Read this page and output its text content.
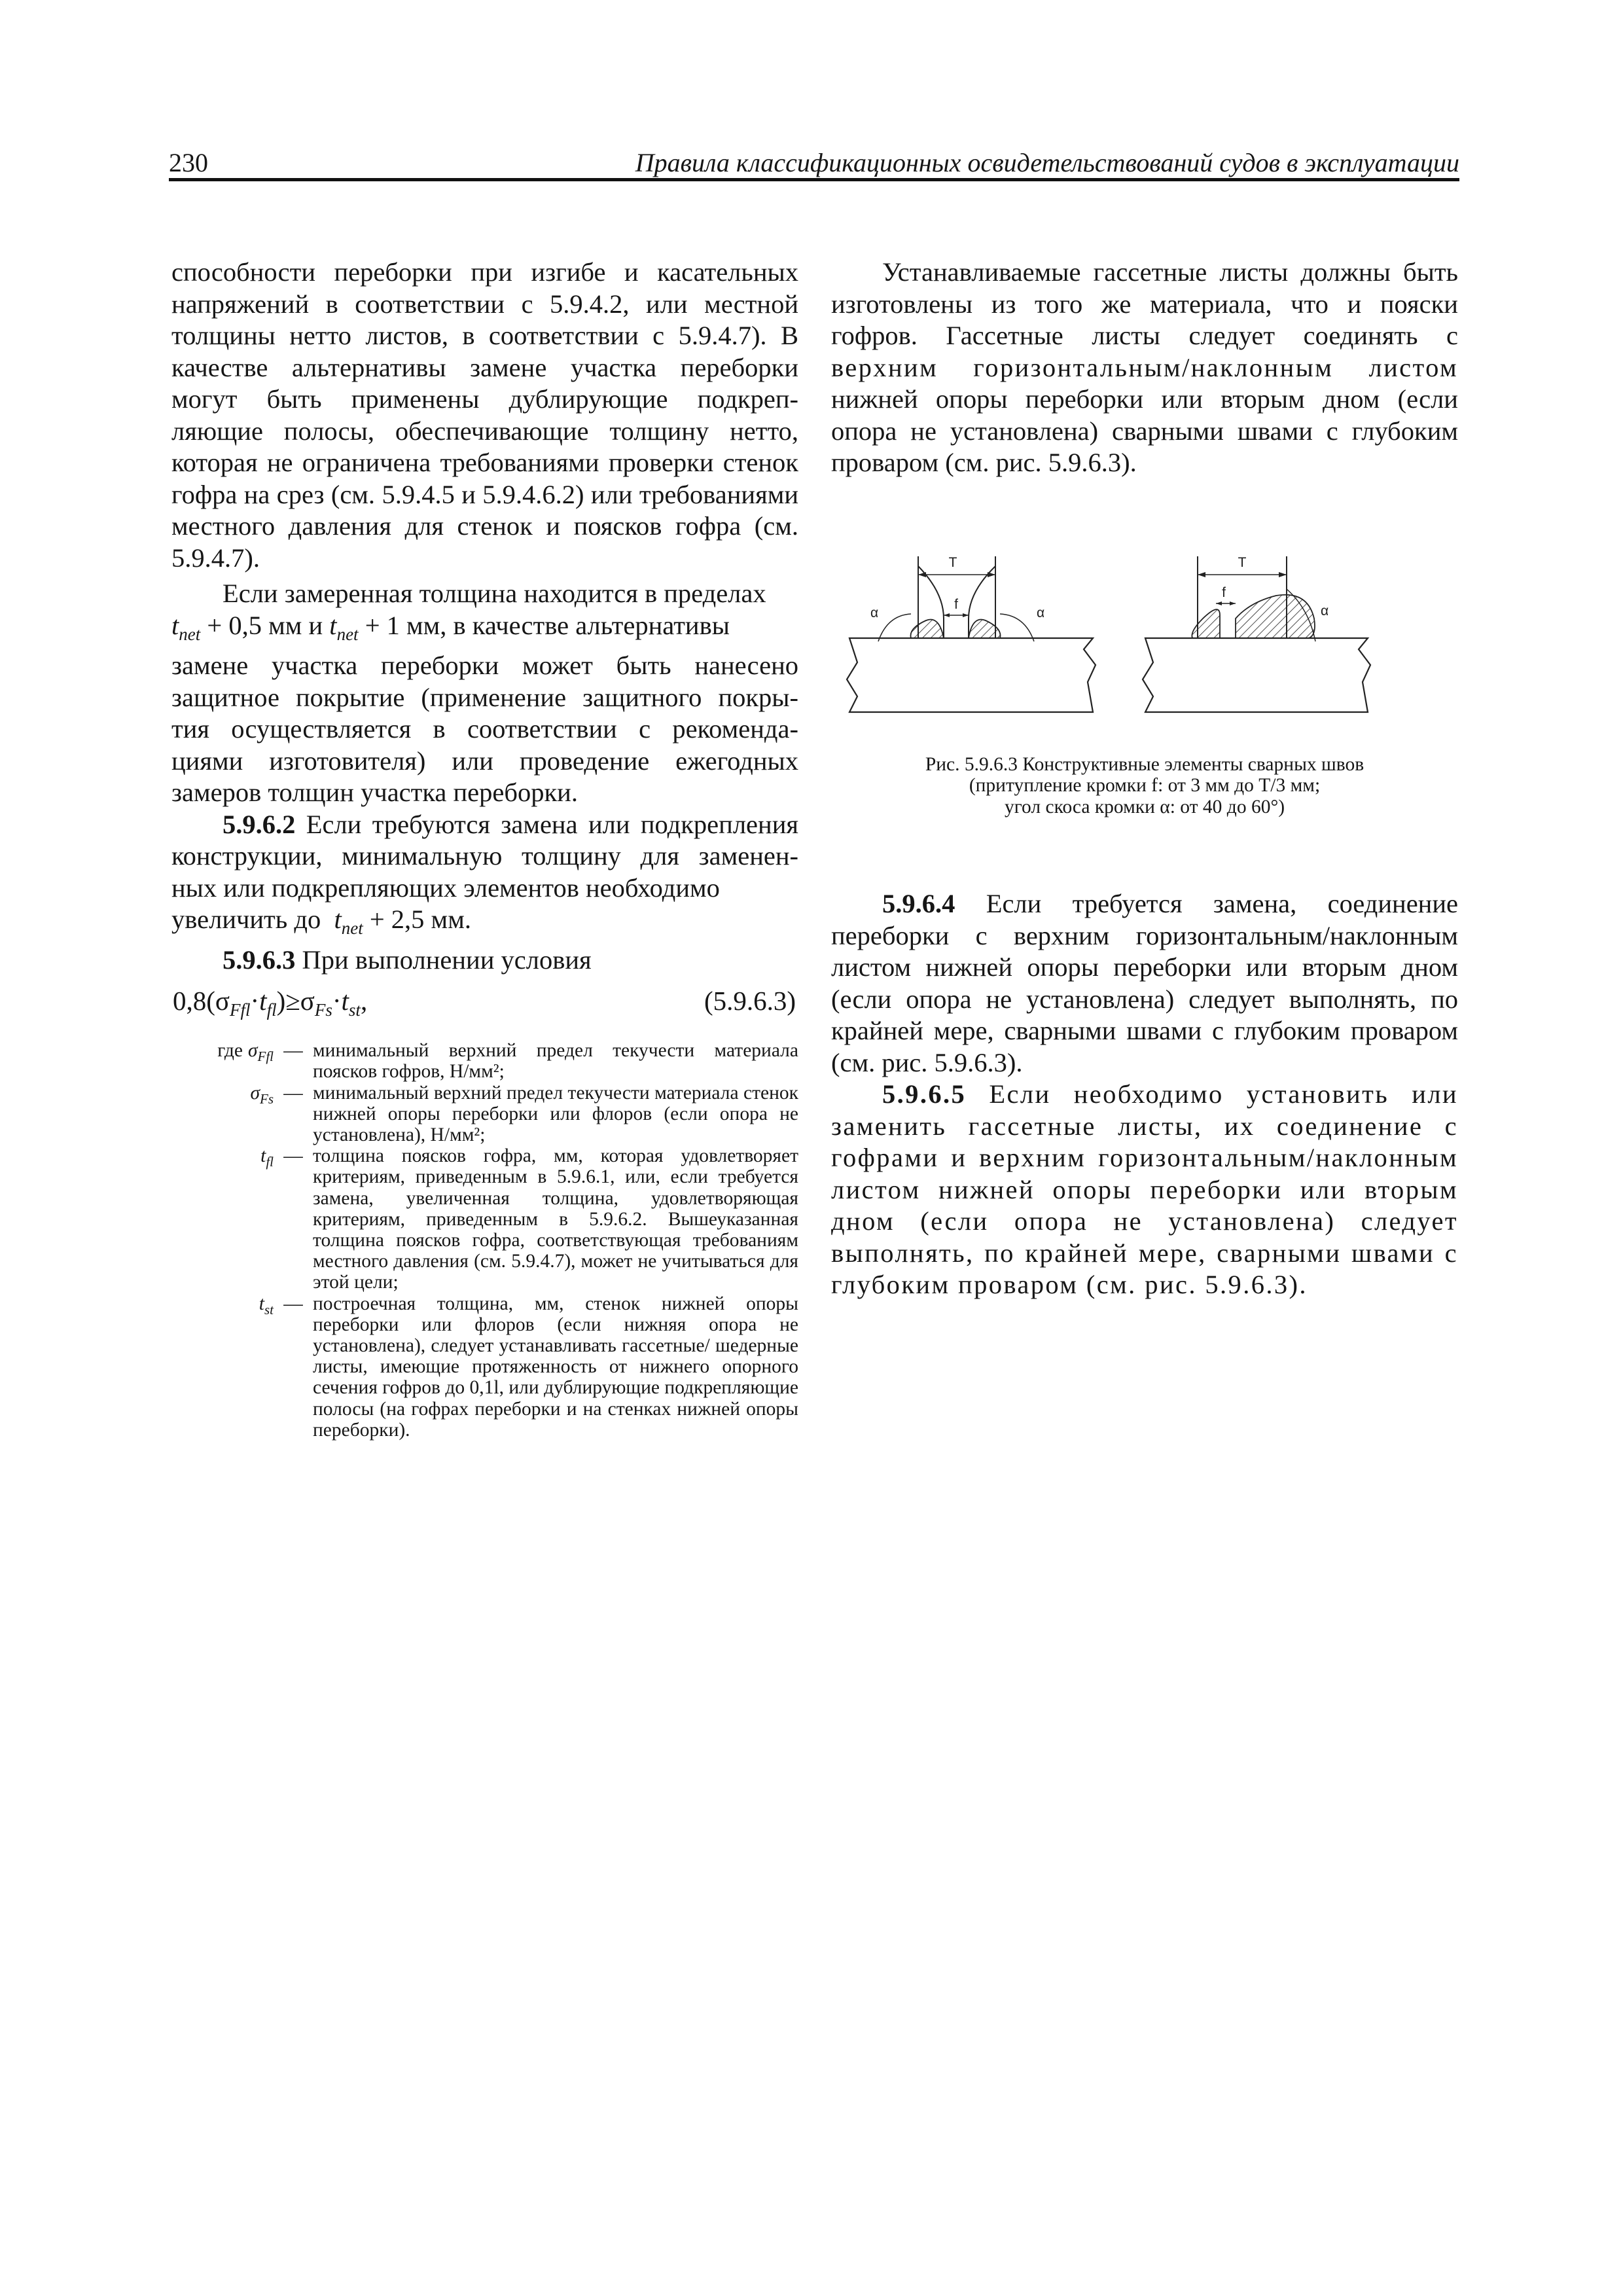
230	Правила классификационных освидетельствований судов в эксплуатации

способности переборки при изгибе и касательных напряжений в соответствии с 5.9.4.2, или местной толщины нетто листов, в соответствии с 5.9.4.7). В качестве альтернативы замене участка переборки могут быть применены дублирующие подкреп- ляющие полосы, обеспечивающие толщину нетто, которая не ограничена требованиями проверки стенок гофра на срез (см. 5.9.4.5 и 5.9.4.6.2) или требованиями местного давления для стенок и поясков гофра (см. 5.9.4.7).

Если замеренная толщина находится в пределах
$t_{net} + 0,5$ мм и $t_{net} + 1$ мм, в качестве альтернативы замене участка переборки может быть нанесено защитное покрытие (применение защитного покры- тия осуществляется в соответствии с рекоменда- циями изготовителя) или проведение ежегодных замеров толщин участка переборки.

5.9.6.2 Если требуются замена или подкрепления конструкции, минимальную толщину для заменен- ных или подкрепляющих элементов необходимо
увеличить до $t_{net} + 2,5$ мм.

5.9.6.3 При выполнении условия

$0,8(\sigma_{Ffl}\cdot t_{fl})\ge\sigma_{Fs}\cdot t_{st}$,	(5.9.6.3)
где $\sigma_{Ffl}$ — минимальный верхний предел текучести материала поясков гофров, Н/мм²;
$\sigma_{Fs}$ — минимальный верхний предел текучести материала стенок нижней опоры переборки или флоров (если опора не установлена), Н/мм²;
$t_{fl}$ — толщина поясков гофра, мм, которая удовлетворяет критериям, приведенным в 5.9.6.1, или, если требуется замена, увеличенная толщина, удовлетворяющая критериям, приведенным в 5.9.6.2. Вышеуказанная толщина поясков гофра, соответствующая требованиям местного давления (см. 5.9.4.7), может не учитываться для этой цели;
$t_{st}$ — построечная толщина, мм, стенок нижней опоры переборки или флоров (если нижняя опора не установлена), следует устанавливать гассетные/ шедерные листы, имеющие протяженность от нижнего опорного сечения гофров до 0,1l, или дублирующие подкрепляющие полосы (на гофрах переборки и на стенках нижней опоры переборки).

Устанавливаемые гассетные листы должны быть изготовлены из того же материала, что и пояски гофров. Гассетные листы следует соединять с верхним горизонтальным/наклонным листом нижней опоры переборки или вторым дном (если опора не установлена) сварными швами с глубоким проваром (см. рис. 5.9.6.3).

T
f
α	α
T
f
α
Рис. 5.9.6.3 Конструктивные элементы сварных швов
(притупление кромки f: от 3 мм до T/3 мм;
угол скоса кромки α: от 40 до 60°)

5.9.6.4 Если требуется замена, соединение переборки с верхним горизонтальным/наклонным листом нижней опоры переборки или вторым дном (если опора не установлена) следует выполнять, по крайней мере, сварными швами с глубоким проваром (см. рис. 5.9.6.3).

5.9.6.5 Если необходимо установить или заменить гассетные листы, их соединение с гофрами и верхним горизонтальным/наклонным листом нижней опоры переборки или вторым дном (если опора не установлена) следует выполнять, по крайней мере, сварными швами с глубоким проваром (см. рис. 5.9.6.3).
